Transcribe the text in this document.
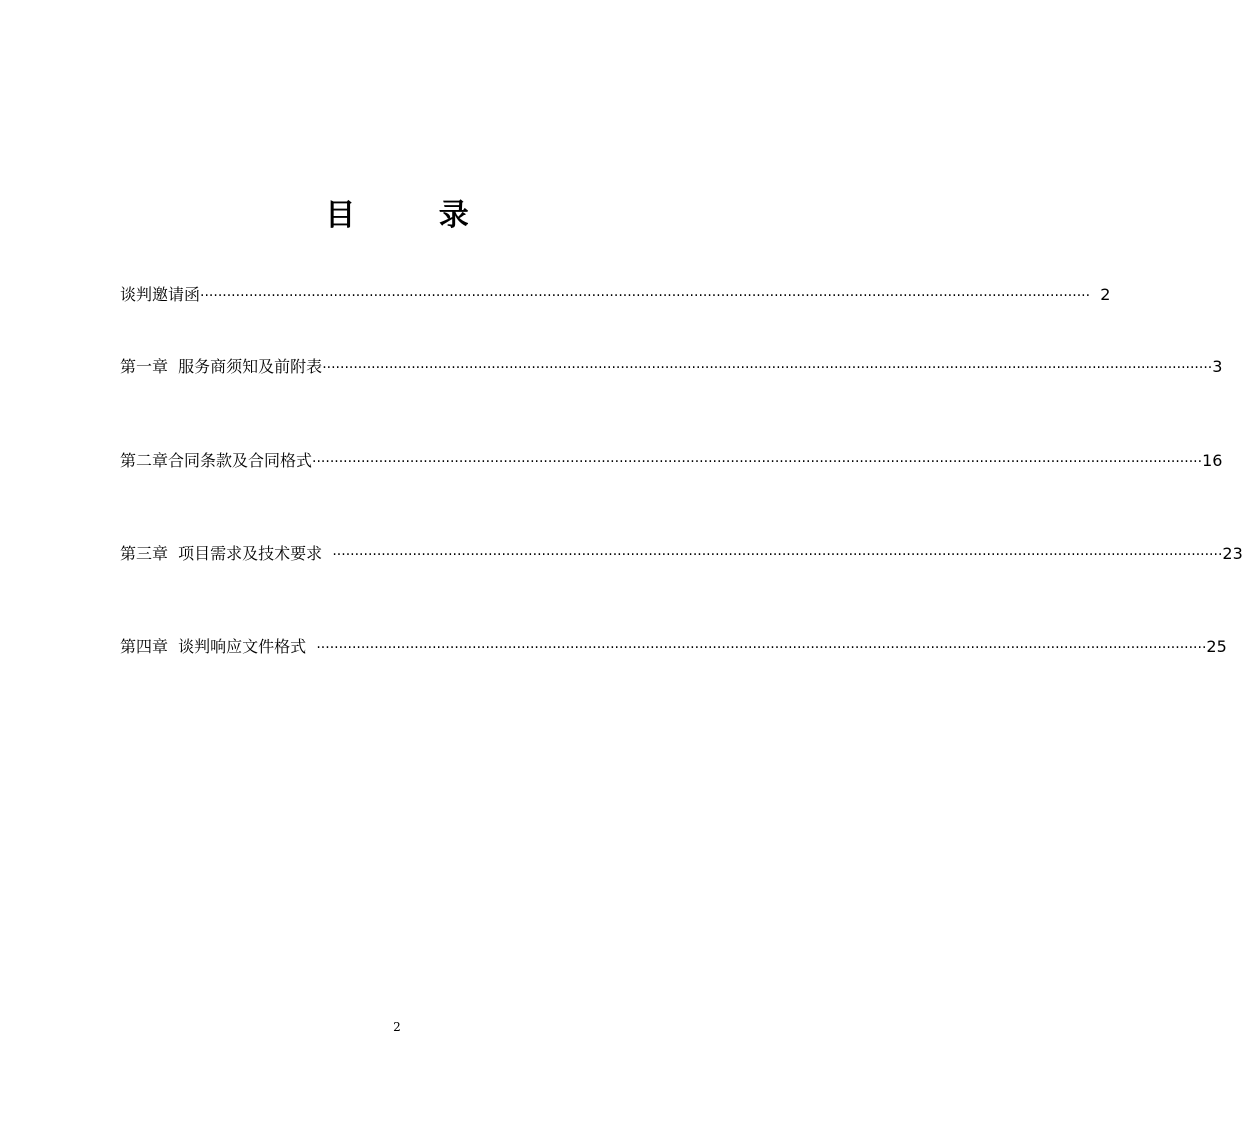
目        录
谈判邀请函 ········································································································································································································ 2
第一章  服务商须知及前附表 ········································································································································································································ 3
第二章合同条款及合同格式 ········································································································································································································ 16
第三章  项目需求及技术要求 ········································································································································································································ 23
第四章  谈判响应文件格式 ········································································································································································································ 25
2
